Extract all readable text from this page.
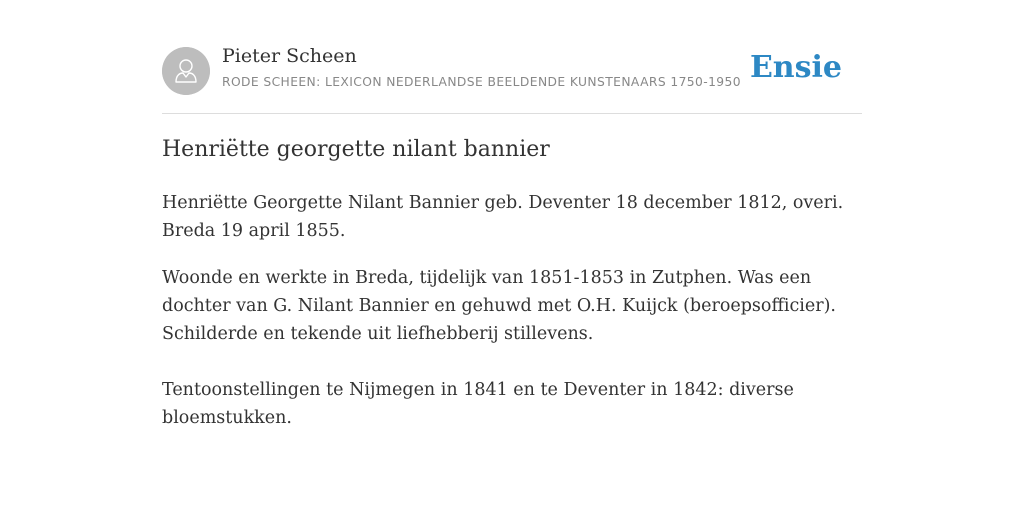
Pieter Scheen
RODE SCHEEN: LEXICON NEDERLANDSE BEELDENDE KUNSTENAARS 1750-1950 Ensie
Henriëtte georgette nilant bannier

Henriëtte Georgette Nilant Bannier geb. Deventer 18 december 1812, overi. Breda 19 april 1855.

Woonde en werkte in Breda, tijdelijk van 1851-1853 in Zutphen. Was een dochter van G. Nilant Bannier en gehuwd met O.H. Kuijck (beroepsofficier). Schilderde en tekende uit liefhebberij stillevens.

Tentoonstellingen te Nijmegen in 1841 en te Deventer in 1842: diverse bloemstukken.
